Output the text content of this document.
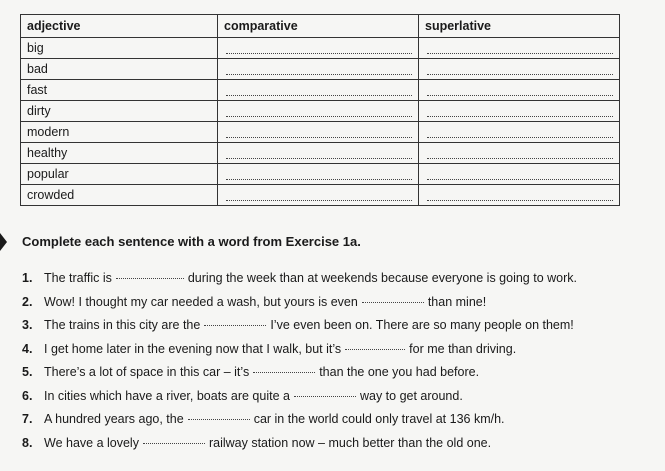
adjective	comparative	superlative
big	

bad	

fast	

dirty	

modern	

healthy	

popular	

crowded	

Complete each sentence with a word from Exercise 1a.
1. The traffic is	during the week than at weekends because everyone is going to work.
2. Wow! I thought my car needed a wash, but yours is even	than mine!
3. The trains in this city are the	I’ve even been on. There are so many people on them!
4. I get home later in the evening now that I walk, but it’s	for me than driving.
5. There’s a lot of space in this car – it’s	than the one you had before.
6. In cities which have a river, boats are quite a	way to get around.
7. A hundred years ago, the	car in the world could only travel at 136 km/h.
8. We have a lovely	railway station now – much better than the old one.
